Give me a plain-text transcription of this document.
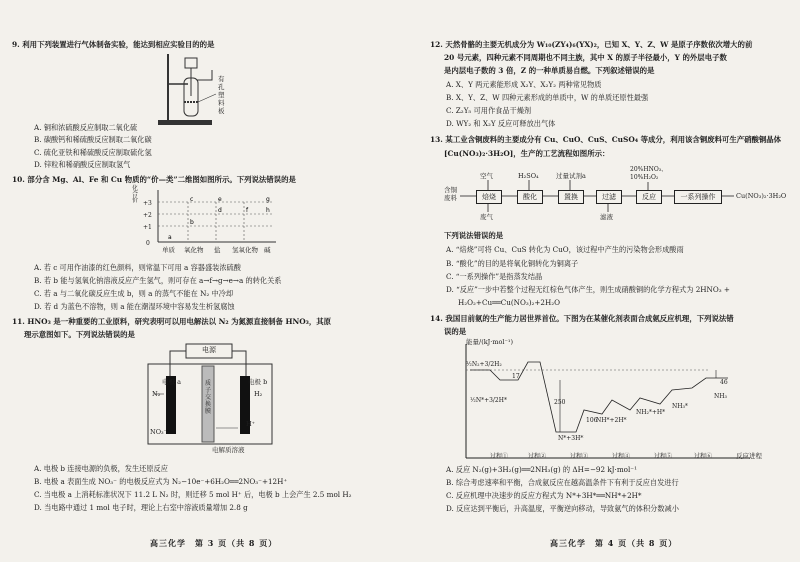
9. 利用下列装置进行气体制备实验，能达到相应实验目的的是
有孔塑料板
A. 铜和浓硫酸反应制取二氧化硫
B. 碳酸钙和稀硫酸反应制取二氧化碳
C. 硫化亚铁和稀硫酸反应制取硫化氢
D. 锌粒和稀硝酸反应制取氢气
10. 部分含 Mg、Al、Fe 和 Cu 物质的“价—类”二维图如图所示。下列说法错误的是
a
b
c
d
e
f
g
h
化合价 +3
+2
+1
0
单质 氧化物 盐 氢氧化物 碱
A. 若 c 可用作油漆的红色颜料，则常温下可用 a 容器盛装浓硫酸
B. 若 b 能与氢氧化钠溶液反应产生氢气，则可存在 a→f→g→e→a 的转化关系
C. 若 a 与二氧化碳反应生成 b，则 a 的蒸气不能在 N₂ 中冷却
D. 若 d 为蓝色不溶物，则 a 能在潮湿环境中容易发生析氢腐蚀
11. HNO₃ 是一种重要的工业原料，研究表明可以用电解法以 N₂ 为氮源直接制备 HNO₃，其原
理示意图如下。下列说法错误的是
电源
电极 a	电极 b
N₂	H₂
质子交换膜
NO₃⁻
H⁺
电解质溶液
A. 电极 b 连接电源的负极，发生还原反应
B. 电极 a 表面生成 NO₃⁻ 的电极反应式为 N₂−10e⁻+6H₂O══2NO₃⁻+12H⁺
C. 当电极 a 上消耗标准状况下 11.2 L N₂ 时，则迁移 5 mol H⁺ 后，电极 b 上会产生 2.5 mol H₂
D. 当电路中通过 1 mol 电子时，理论上右室中溶液质量增加 2.8 g
高三化学　第 3 页（共 8 页）
12. 天然骨骼的主要无机成分为 W₁₀(ZY₄)₆(YX)₂，已知 X、Y、Z、W 是原子序数依次增大的前
20 号元素，四种元素不同周期也不同主族，其中 X 的原子半径最小，Y 的外层电子数
是内层电子数的 3 倍，Z 的一种单质易自燃。下列叙述错误的是
A. X、Y 两元素能形成 X₂Y、X₂Y₂ 两种常见物质
B. X、Y、Z、W 四种元素形成的单质中，W 的单质还原性最强
C. Z₂Y₅ 可用作食品干燥剂
D. WY₂ 和 X₂Y 反应可释放出气体
13. 某工业含铜废料的主要成分有 Cu、CuO、CuS、CuSO₄ 等成分，利用该含铜废料可生产硝酸铜晶体
[Cu(NO₃)₂·3H₂O]，生产的工艺流程如图所示：
含铜废料	焙烧	酸化	置换	过滤	反应	一系列操作
空气	H₂SO₄	过量试剂a
20%HNO₃、10%H₂O₂
废气	滤液
Cu(NO₃)₂·3H₂O
下列说法错误的是
A. “焙烧”可将 Cu、CuS 转化为 CuO，该过程中产生的污染物会形成酸雨
B. “酸化”的目的是将氧化铜转化为铜离子
C. “一系列操作”是指蒸发结晶
D. “反应”一步中若整个过程无红棕色气体产生，则生成硝酸铜的化学方程式为 2HNO₃ +
H₂O₂+Cu══Cu(NO₃)₂+2H₂O
14. 我国目前氨的生产能力居世界首位。下图为在某催化剂表面合成氨反应机理，下列说法错
误的是
能量/(kJ·mol⁻¹)
反应进程
½N₂+3/2H₂
½N*+3/2H*
N*+3H*
NH*+2H*
NH₂*+H*
NH₃*
NH₃
17
250
106
46
过程①	过程②	过程③	过程④	过程⑤	过程⑥
A. 反应 N₂(g)+3H₂(g)══2NH₃(g) 的 ΔH=−92 kJ·mol⁻¹
B. 综合考虑速率和平衡，合成氨反应在越高温条件下有利于反应自发进行
C. 反应机理中决速步的反应方程式为 N*+3H*══NH*+2H*
D. 反应达到平衡后，升高温度，平衡逆向移动，导致氨气的体积分数减小
高三化学　第 4 页（共 8 页）
